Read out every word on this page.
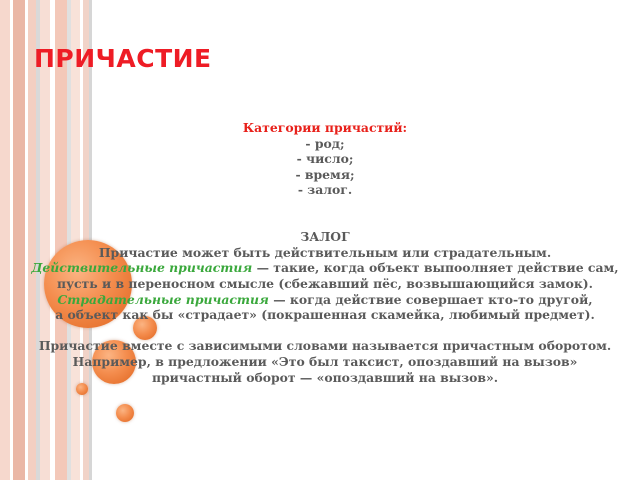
ПРИЧАСТИЕ

Категории причастий:

- род;

- число;

- время;

- залог.

ЗАЛОГ

Причастие может быть действительным или страдательным.

Действительные причастия — такие, когда объект выпоолняет действие сам,

пусть и в переносном смысле (сбежавший пёс, возвышающийся замок).

Страдательные причастия — когда действие совершает кто-то другой,

а объект как бы «страдает» (покрашенная скамейка, любимый предмет).

Причастие вместе с зависимыми словами называется причастным оборотом.

Например, в предложении «Это был таксист, опоздавший на вызов»

причастный оборот — «опоздавший на вызов».
